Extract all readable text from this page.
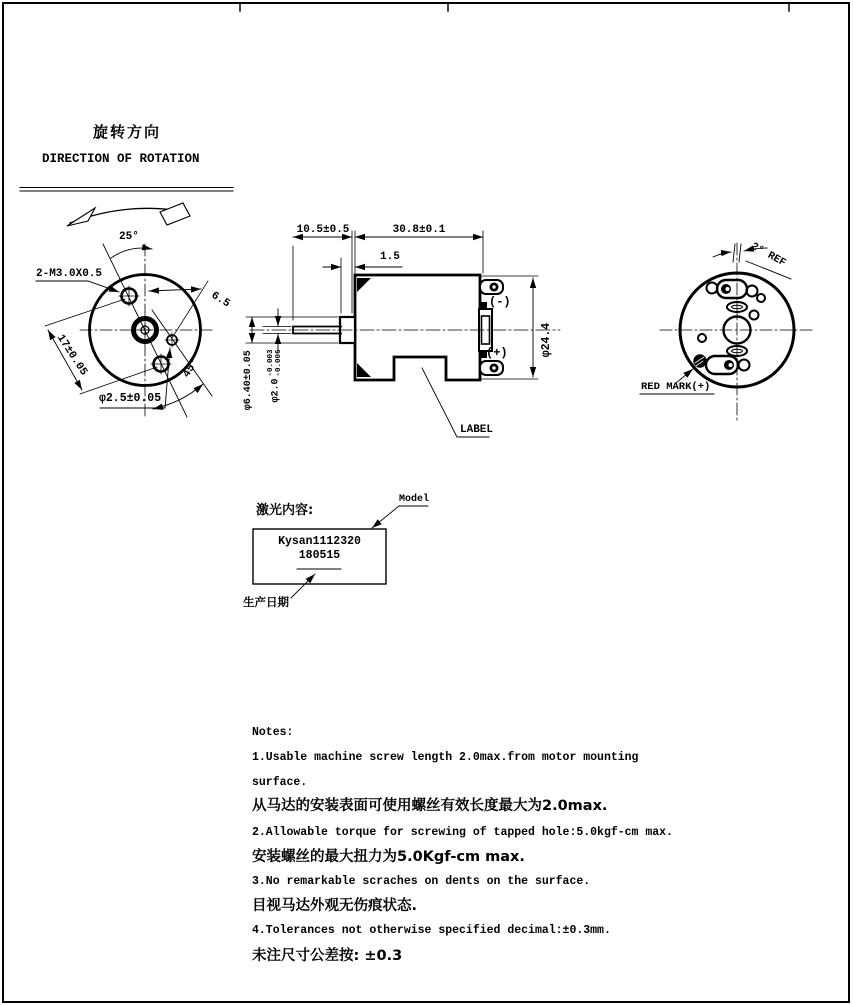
旋转方向
DIRECTION OF ROTATION
25°
2-M3.0X0.5
6.5
17±0.05	45°
φ2.5±0.05
10.5±0.5	30.8±0.1
1.5
φ6.40±0.05	φ2.0
-0.003 -0.006
φ24.4
(-)
(+)
LABEL
2° REF
RED MARK(+)
激光内容:
Kysan1112320
180515
Model
生产日期
Notes:
1.Usable machine screw length 2.0max.from motor mounting
surface.
从马达的安装表面可使用螺丝有效长度最大为2.0max.
2.Allowable torque for screwing of tapped hole:5.0kgf-cm max.
安装螺丝的最大扭力为5.0Kgf-cm max.
3.No remarkable scraches on dents on the surface.
目视马达外观无伤痕状态.
4.Tolerances not otherwise specified decimal:±0.3mm.
未注尺寸公差按: ±0.3
